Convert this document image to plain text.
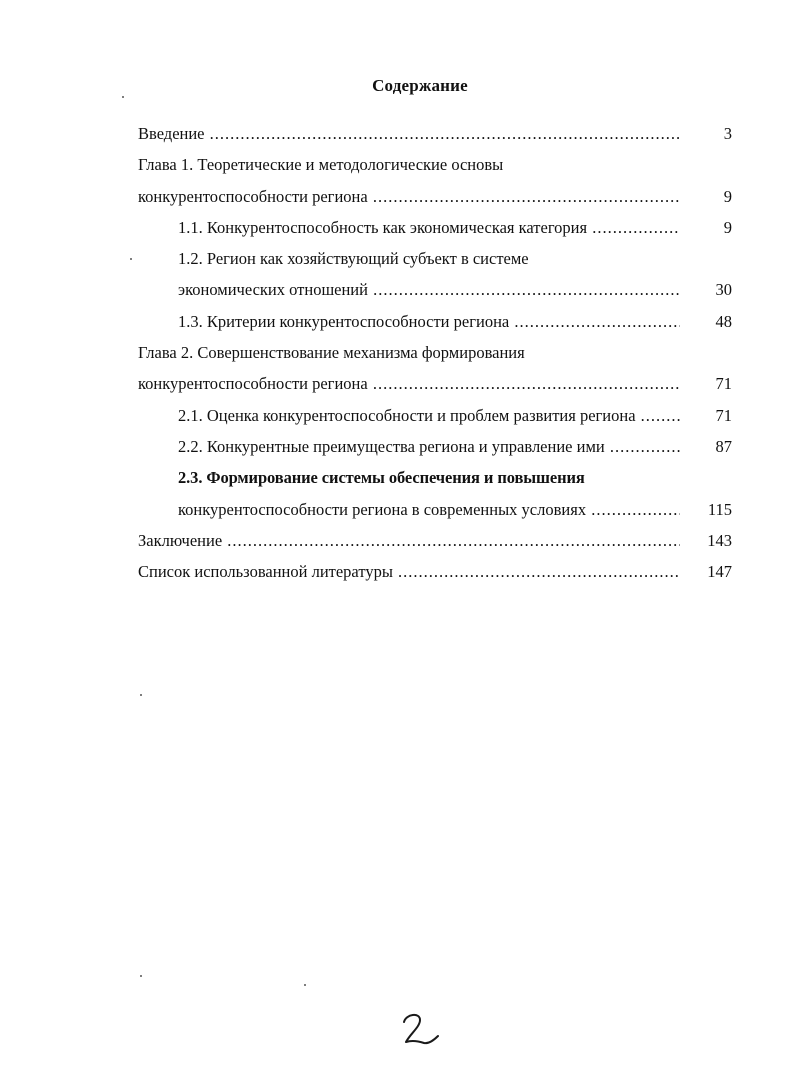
Содержание
Введение .....	3
Глава 1. Теоретические и методологические основы
конкурентоспособности региона .....	9
1.1. Конкурентоспособность как экономическая категория .....	9
1.2. Регион как хозяйствующий субъект в системе
экономических отношений .....	30
1.3. Критерии конкурентоспособности региона .....	48
Глава 2. Совершенствование механизма формирования
конкурентоспособности региона .....	71
2.1. Оценка конкурентоспособности и проблем развития региона .....	71
2.2. Конкурентные преимущества региона и управление ими .....	87
2.3. Формирование системы обеспечения и повышения
конкурентоспособности региона в современных условиях .....	115
Заключение .....	143
Список использованной литературы .....	147
